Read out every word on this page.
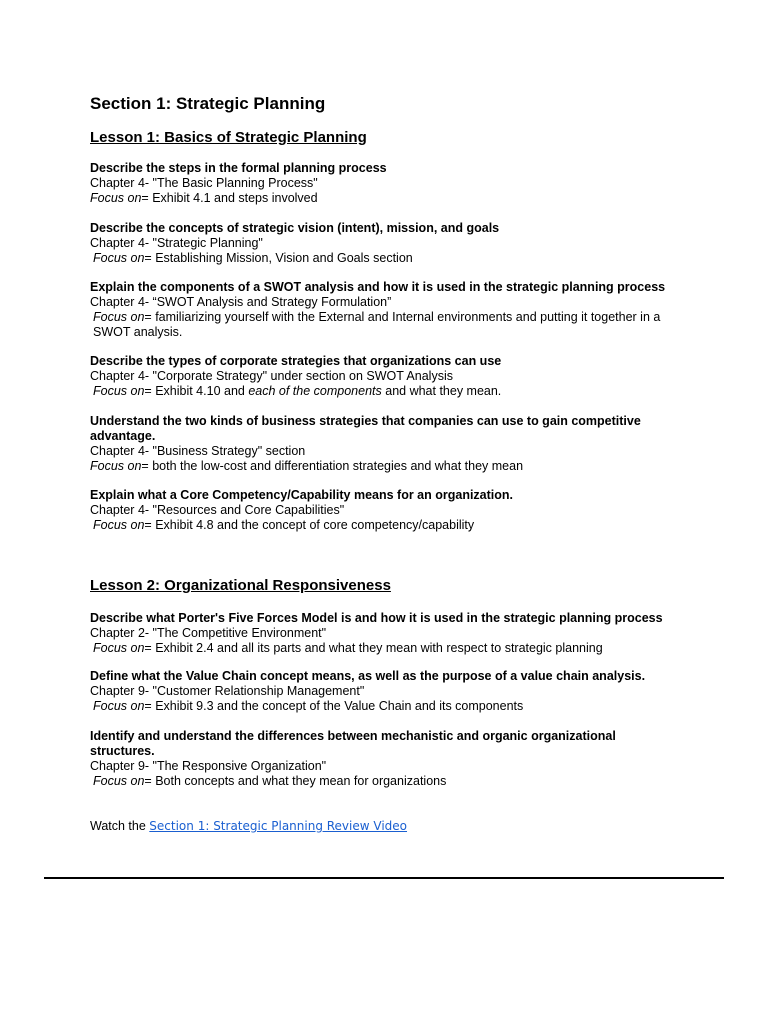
Section 1: Strategic Planning
Lesson 1: Basics of Strategic Planning

Describe the steps in the formal planning process

Chapter 4- "The Basic Planning Process"

Focus on= Exhibit 4.1 and steps involved

Describe the concepts of strategic vision (intent), mission, and goals

Chapter 4- "Strategic Planning"

Focus on= Establishing Mission, Vision and Goals section

Explain the components of a SWOT analysis and how it is used in the strategic planning process

Chapter 4- “SWOT Analysis and Strategy Formulation”

Focus on= familiarizing yourself with the External and Internal environments and putting it together in a SWOT analysis.

Describe the types of corporate strategies that organizations can use

Chapter 4- "Corporate Strategy" under section on SWOT Analysis

Focus on= Exhibit 4.10 and each of the components and what they mean.

Understand the two kinds of business strategies that companies can use to gain competitive advantage.

Chapter 4- "Business Strategy" section

Focus on= both the low-cost and differentiation strategies and what they mean

Explain what a Core Competency/Capability means for an organization.

Chapter 4- "Resources and Core Capabilities"

Focus on= Exhibit 4.8 and the concept of core competency/capability

Lesson 2: Organizational Responsiveness

Describe what Porter's Five Forces Model is and how it is used in the strategic planning process

Chapter 2- "The Competitive Environment"

Focus on= Exhibit 2.4 and all its parts and what they mean with respect to strategic planning

Define what the Value Chain concept means, as well as the purpose of a value chain analysis.

Chapter 9- "Customer Relationship Management"

Focus on= Exhibit 9.3 and the concept of the Value Chain and its components

Identify and understand the differences between mechanistic and organic organizational structures.

Chapter 9- "The Responsive Organization"

Focus on= Both concepts and what they mean for organizations

Watch the Section 1: Strategic Planning Review Video
